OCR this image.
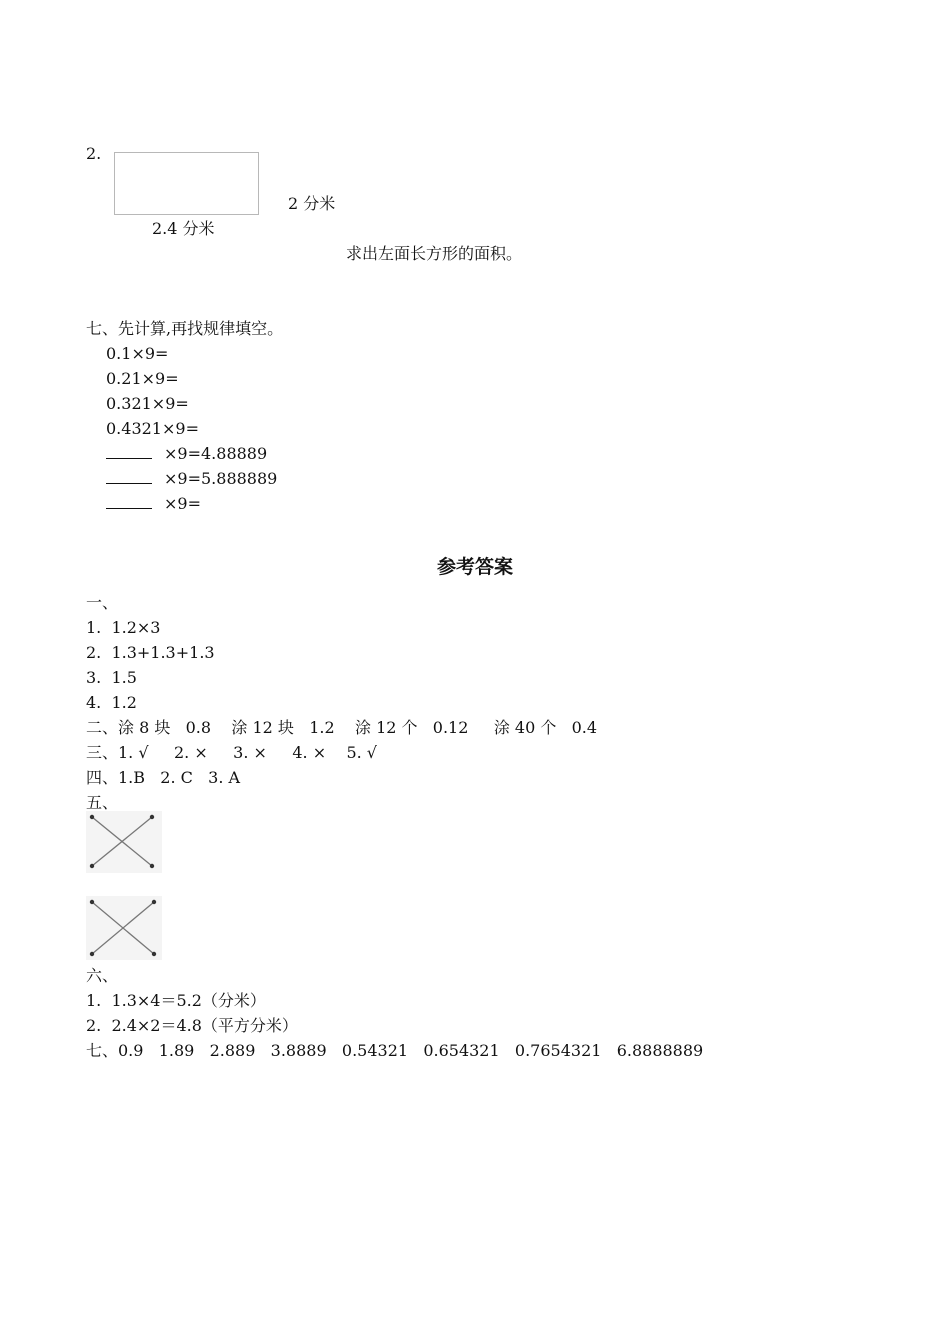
2.
2 分米
2.4 分米
求出左面长方形的面积。
七、先计算,再找规律填空。
0.1×9=
0.21×9=
0.321×9=
0.4321×9=
×9=4.88889
×9=5.888889
×9=
参考答案
一、
1.  1.2×3
2.  1.3+1.3+1.3
3.  1.5
4.  1.2
二、涂 8 块   0.8    涂 12 块   1.2    涂 12 个   0.12     涂 40 个   0.4
三、1. √     2. ×     3. ×     4. ×    5. √
四、1.B   2. C   3. A
五、
六、
1.  1.3×4＝5.2（分米）
2.  2.4×2＝4.8（平方分米）
七、0.9   1.89   2.889   3.8889   0.54321   0.654321   0.7654321   6.8888889
